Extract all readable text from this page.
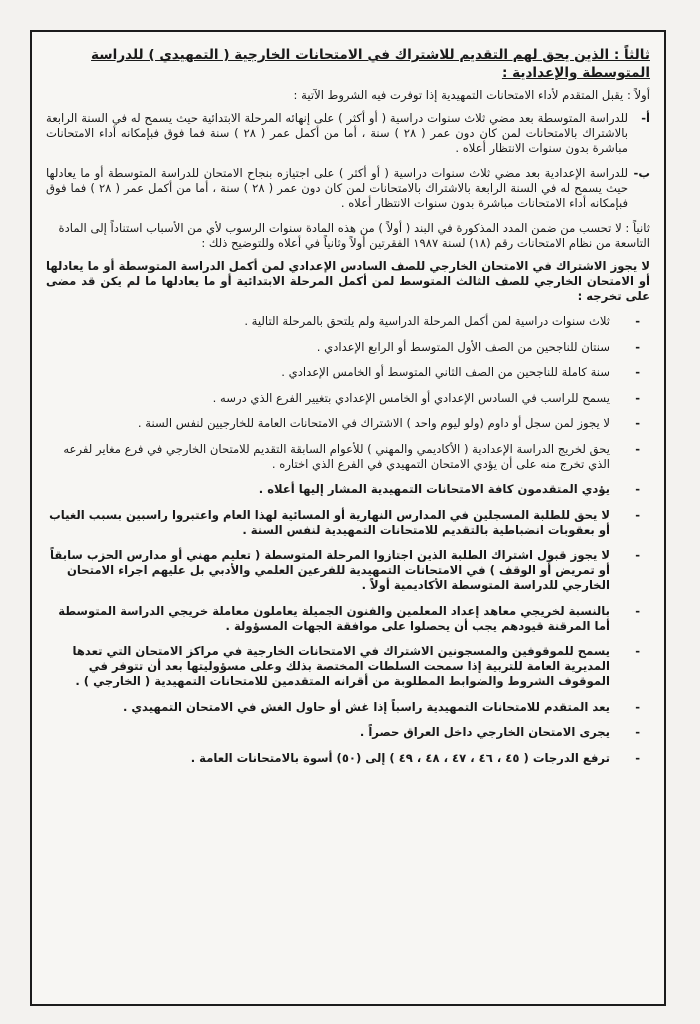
ثالثاً : الذين يحق لهم التقديم للاشتراك في الامتحانات الخارجية ( التمهيدي ) للدراسة المتوسطة والإعدادية :
أولاً : يقبل المتقدم لأداء الامتحانات التمهيدية إذا توفرت فيه الشروط الآتية :
أ-
للدراسة المتوسطة بعد مضي ثلاث سنوات دراسية ( أو أكثر ) على إنهائه المرحلة الابتدائية حيث يسمح له في السنة الرابعة بالاشتراك بالامتحانات لمن كان دون عمر ( ٢٨ ) سنة ، أما من أكمل عمر ( ٢٨ ) سنة فما فوق فبإمكانه أداء الامتحانات مباشرة بدون سنوات الانتظار أعلاه .
ب-
للدراسة الإعدادية بعد مضي ثلاث سنوات دراسية ( أو أكثر ) على اجتيازه بنجاح الامتحان للدراسة المتوسطة أو ما يعادلها حيث يسمح له في السنة الرابعة بالاشتراك بالامتحانات لمن كان دون عمر ( ٢٨ ) سنة ، أما من أكمل عمر ( ٢٨ ) فما فوق فبإمكانه أداء الامتحانات مباشرة بدون سنوات الانتظار أعلاه .
ثانياً : لا تحسب من ضمن المدد المذكورة في البند ( أولاً ) من هذه المادة سنوات الرسوب لأي من الأسباب استناداً إلى المادة التاسعة من نظام الامتحانات رقم (١٨) لسنة ١٩٨٧ الفقرتين أولاً وثانياً في أعلاه وللتوضيح ذلك :
لا يجوز الاشتراك في الامتحان الخارجي للصف السادس الإعدادي لمن أكمل الدراسة المتوسطة أو ما يعادلها أو الامتحان الخارجي للصف الثالث المتوسط لمن أكمل المرحلة الابتدائية أو ما يعادلها ما لم يكن قد مضى على تخرجه :
- ثلاث سنوات دراسية لمن أكمل المرحلة الدراسية ولم يلتحق بالمرحلة التالية .
- سنتان للناجحين من الصف الأول المتوسط أو الرابع الإعدادي .
- سنة كاملة للناجحين من الصف الثاني المتوسط أو الخامس الإعدادي .
- يسمح للراسب في السادس الإعدادي أو الخامس الإعدادي بتغيير الفرع الذي درسه .
- لا يجوز لمن سجل أو داوم (ولو ليوم واحد ) الاشتراك في الامتحانات العامة للخارجيين لنفس السنة .
- يحق لخريج الدراسة الإعدادية ( الأكاديمي والمهني ) للأعوام السابقة التقديم للامتحان الخارجي في فرع مغاير لفرعه الذي تخرج منه على أن يؤدي الامتحان التمهيدي في الفرع الذي اختاره .
- يؤدي المتقدمون كافة الامتحانات التمهيدية المشار إليها أعلاه .
- لا يحق للطلبة المسجلين في المدارس النهارية أو المسائية لهذا العام واعتبروا راسبين بسبب الغياب أو بعقوبات انضباطية بالتقديم للامتحانات التمهيدية لنفس السنة .
- لا يجوز قبول اشتراك الطلبة الذين اجتازوا المرحلة المتوسطة ( تعليم مهني أو مدارس الحزب سابقاً أو تمريض أو الوقف ) في الامتحانات التمهيدية للفرعين العلمي والأدبي بل عليهم اجراء الامتحان الخارجي للدراسة المتوسطة الأكاديمية أولاً .
- بالنسبة لخريجي معاهد إعداد المعلمين والفنون الجميلة يعاملون معاملة خريجي الدراسة المتوسطة أما المرقنة قيودهم يجب أن يحصلوا على موافقة الجهات المسؤولة .
- يسمح للموقوفين والمسجونين الاشتراك في الامتحانات الخارجية في مراكز الامتحان التي تعدها المديرية العامة للتربية إذا سمحت السلطات المختصة بذلك وعلى مسؤوليتها بعد أن تتوفر في الموقوف الشروط والضوابط المطلوبة من أقرانه المتقدمين للامتحانات التمهيدية ( الخارجي ) .
- يعد المتقدم للامتحانات التمهيدية راسباً إذا غش أو حاول الغش في الامتحان التمهيدي .
- يجرى الامتحان الخارجي داخل العراق حصراً .
- ترفع الدرجات ( ٤٥ ، ٤٦ ، ٤٧ ، ٤٨ ، ٤٩ ) إلى (٥٠) أسوة بالامتحانات العامة .
